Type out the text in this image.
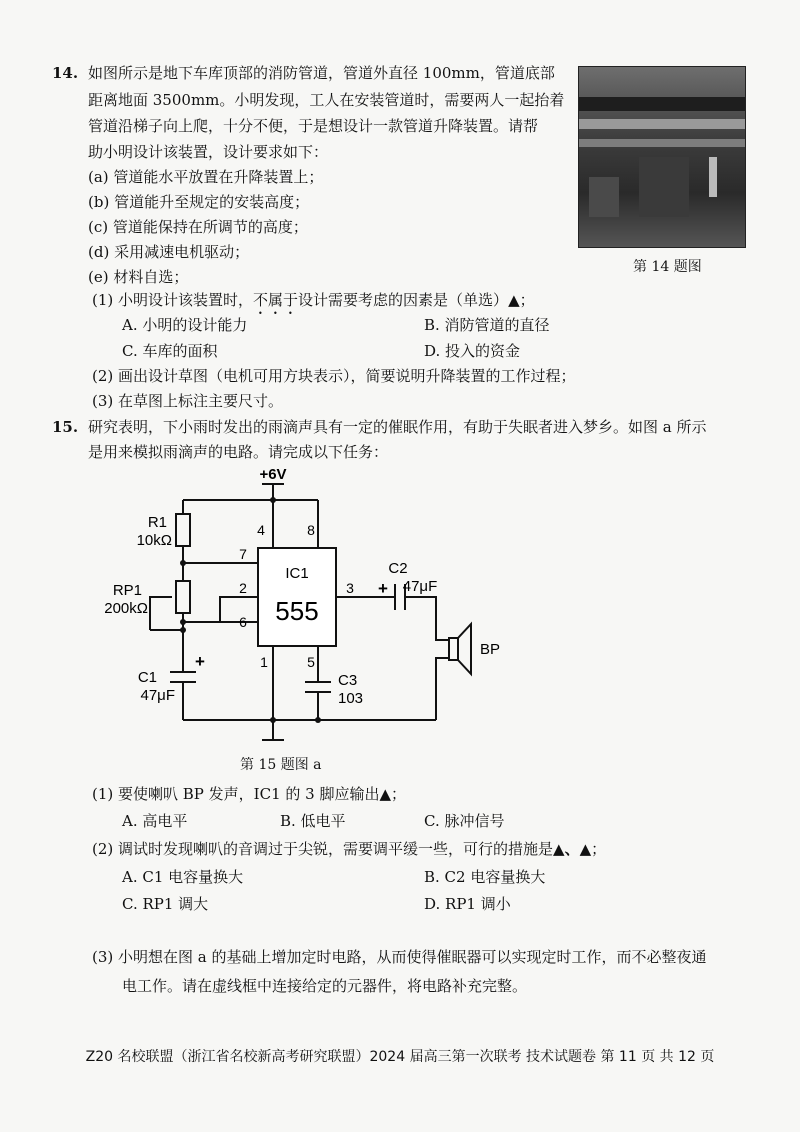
14. 如图所示是地下车库顶部的消防管道，管道外直径 100mm，管道底部
距离地面 3500mm。小明发现，工人在安装管道时，需要两人一起抬着
管道沿梯子向上爬，十分不便，于是想设计一款管道升降装置。请帮
助小明设计该装置，设计要求如下：
(a) 管道能水平放置在升降装置上；
(b) 管道能升至规定的安装高度；
(c) 管道能保持在所调节的高度；
(d) 采用减速电机驱动；
(e) 材料自选；
第 14 题图
(1) 小明设计该装置时，不属于设计需要考虑的因素是（单选）▲；
A. 小明的设计能力	B. 消防管道的直径
C. 车库的面积	D. 投入的资金
(2) 画出设计草图（电机可用方块表示），简要说明升降装置的工作过程；
(3) 在草图上标注主要尺寸。
15. 研究表明，下小雨时发出的雨滴声具有一定的催眠作用，有助于失眠者进入梦乡。如图 a 所示
是用来模拟雨滴声的电路。请完成以下任务：
+6V
IC1
555
R1
10kΩ
RP1
200kΩ
C1
47μF
+
C2
47μF
+
C3
103
BP
4	8
7
2
6
3
1	5
第 15 题图 a
(1) 要使喇叭 BP 发声，IC1 的 3 脚应输出▲；
A. 高电平	B. 低电平	C. 脉冲信号
(2) 调试时发现喇叭的音调过于尖锐，需要调平缓一些，可行的措施是▲、▲；
A. C1 电容量换大	B. C2 电容量换大
C. RP1 调大	D. RP1 调小
(3) 小明想在图 a 的基础上增加定时电路，从而使得催眠器可以实现定时工作，而不必整夜通
电工作。请在虚线框中连接给定的元器件，将电路补充完整。
Z20 名校联盟（浙江省名校新高考研究联盟）2024 届高三第一次联考 技术试题卷 第 11 页 共 12 页
